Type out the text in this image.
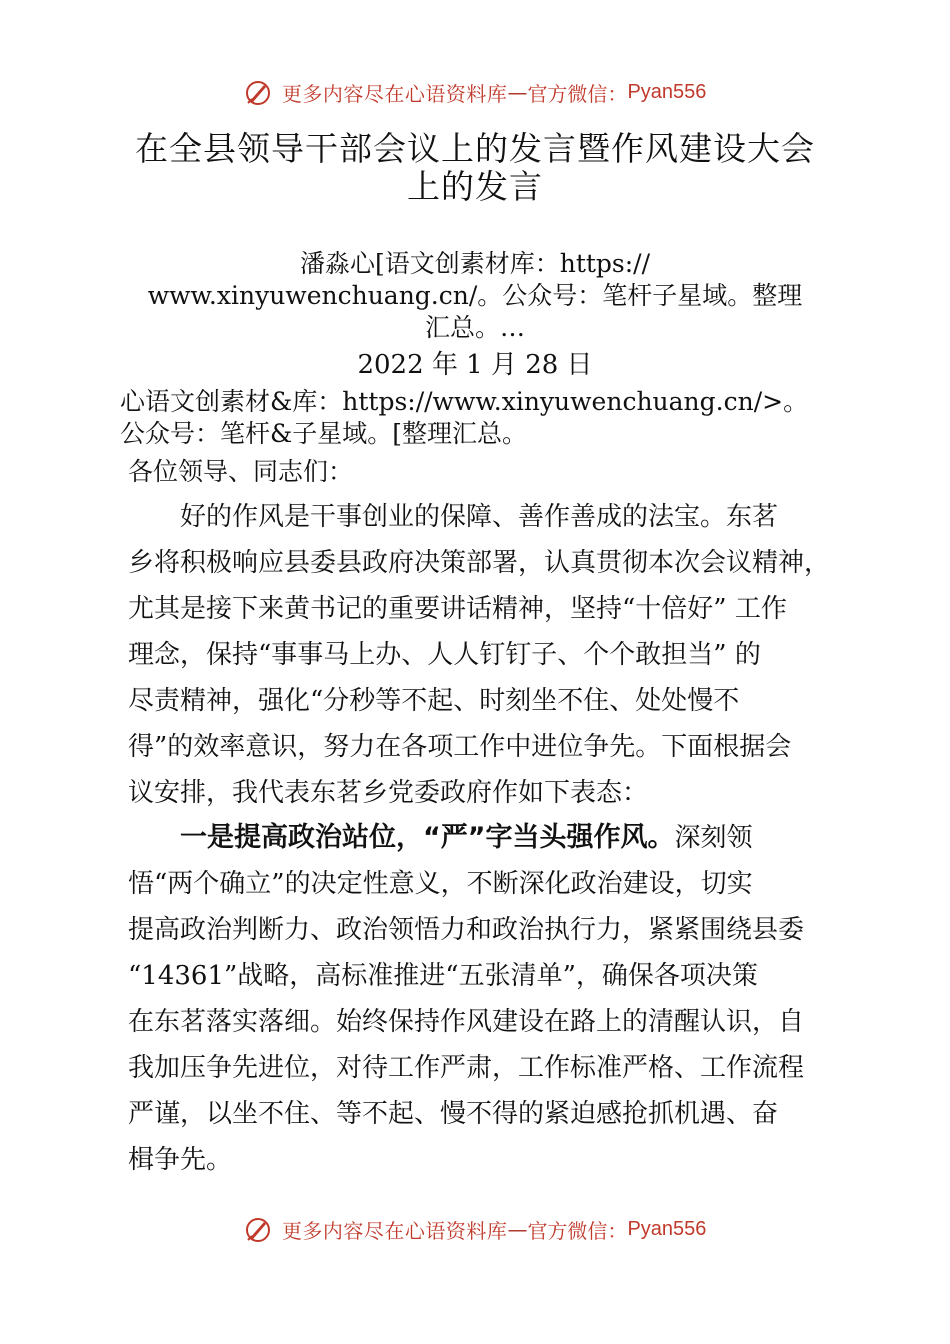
更多内容尽在心语资料库—官方微信：Pyan556
在全县领导干部会议上的发言暨作风建设大会
上的发言
潘淼心[语文创素材库：https://
www.xinyuwenchuang.cn/。公众号：笔杆子星域。整理
汇总。…
2022 年 1 月 28 日
心语文创素材&库：https://www.xinyuwenchuang.cn/>。
公众号：笔杆&子星域。[整理汇总。
各位领导、同志们：
　　好的作风是干事创业的保障、善作善成的法宝。东茗
乡将积极响应县委县政府决策部署，认真贯彻本次会议精神，
尤其是接下来黄书记的重要讲话精神，坚持“十倍好” 工作
理念，保持“事事马上办、人人钉钉子、个个敢担当” 的
尽责精神，强化“分秒等不起、时刻坐不住、处处慢不
得”的效率意识，努力在各项工作中进位争先。下面根据会
议安排，我代表东茗乡党委政府作如下表态：
　　一是提高政治站位，“严”字当头强作风。深刻领
悟“两个确立”的决定性意义，不断深化政治建设，切实
提高政治判断力、政治领悟力和政治执行力，紧紧围绕县委
“14361”战略，高标准推进“五张清单”，确保各项决策
在东茗落实落细。始终保持作风建设在路上的清醒认识，自
我加压争先进位，对待工作严肃，工作标准严格、工作流程
严谨，以坐不住、等不起、慢不得的紧迫感抢抓机遇、奋
楫争先。
更多内容尽在心语资料库—官方微信：Pyan556
